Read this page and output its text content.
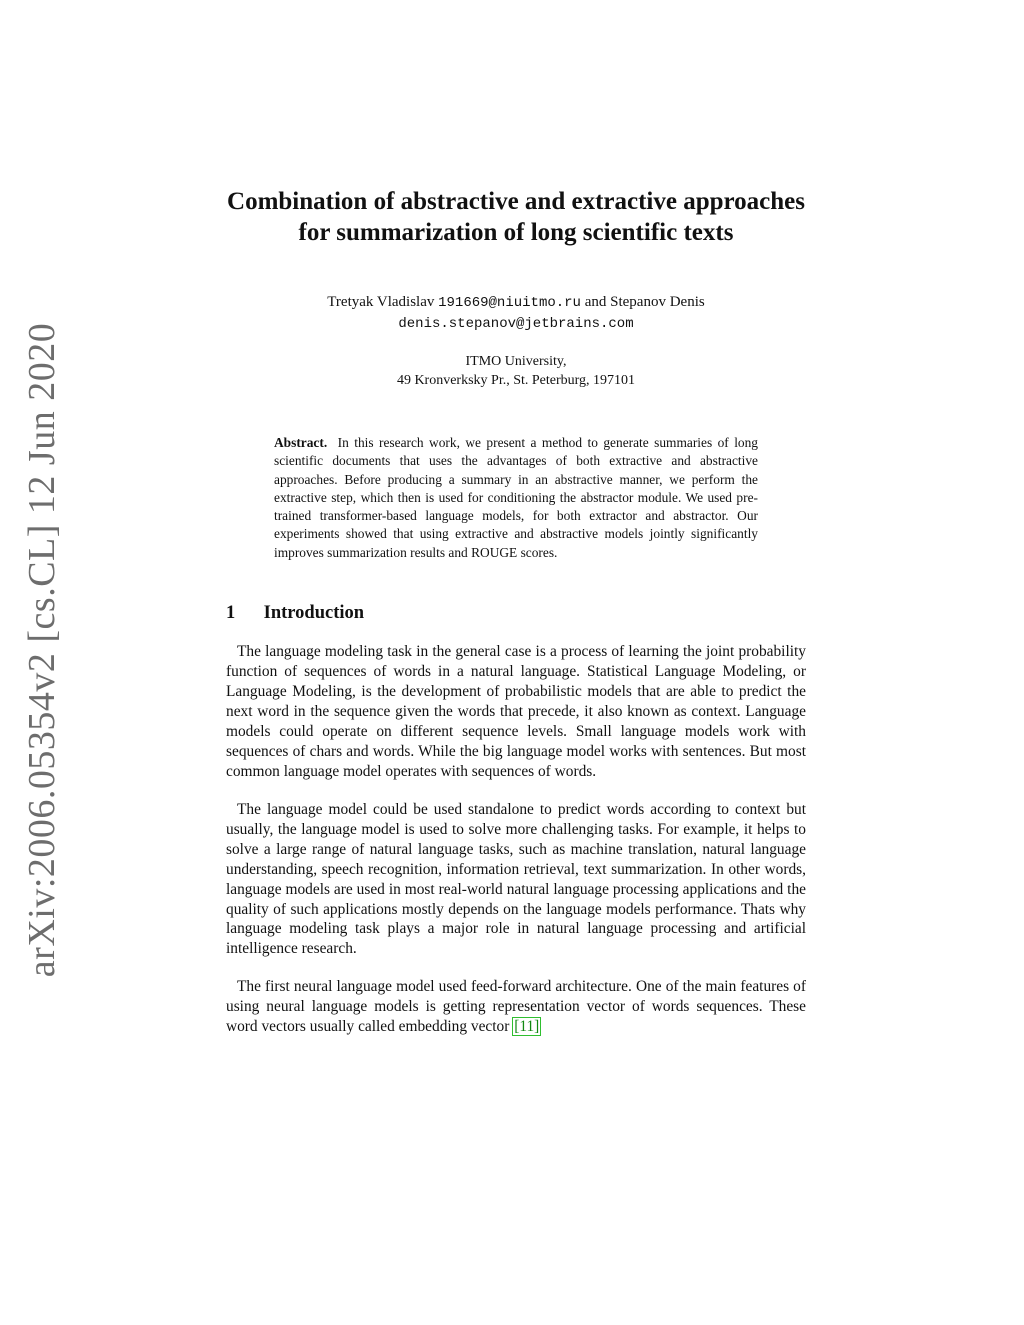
arXiv:2006.05354v2 [cs.CL] 12 Jun 2020
Combination of abstractive and extractive approaches for summarization of long scientific texts
Tretyak Vladislav 191669@niuitmo.ru and Stepanov Denis
denis.stepanov@jetbrains.com
ITMO University,
49 Kronverksky Pr., St. Peterburg, 197101
Abstract. In this research work, we present a method to generate summaries of long scientific documents that uses the advantages of both extractive and abstractive approaches. Before producing a summary in an abstractive manner, we perform the extractive step, which then is used for conditioning the abstractor module. We used pre-trained transformer-based language models, for both extractor and abstractor. Our experiments showed that using extractive and abstractive models jointly significantly improves summarization results and ROUGE scores.
1 Introduction

The language modeling task in the general case is a process of learning the joint probability function of sequences of words in a natural language. Statistical Language Modeling, or Language Modeling, is the development of probabilistic models that are able to predict the next word in the sequence given the words that precede, it also known as context. Language models could operate on different sequence levels. Small language models work with sequences of chars and words. While the big language model works with sentences. But most common language model operates with sequences of words.

The language model could be used standalone to predict words according to context but usually, the language model is used to solve more challenging tasks. For example, it helps to solve a large range of natural language tasks, such as machine translation, natural language understanding, speech recognition, information retrieval, text summarization. In other words, language models are used in most real-world natural language processing applications and the quality of such applications mostly depends on the language models performance. Thats why language modeling task plays a major role in natural language processing and artificial intelligence research.

The first neural language model used feed-forward architecture. One of the main features of using neural language models is getting representation vector of words sequences. These word vectors usually called embedding vector [11]
